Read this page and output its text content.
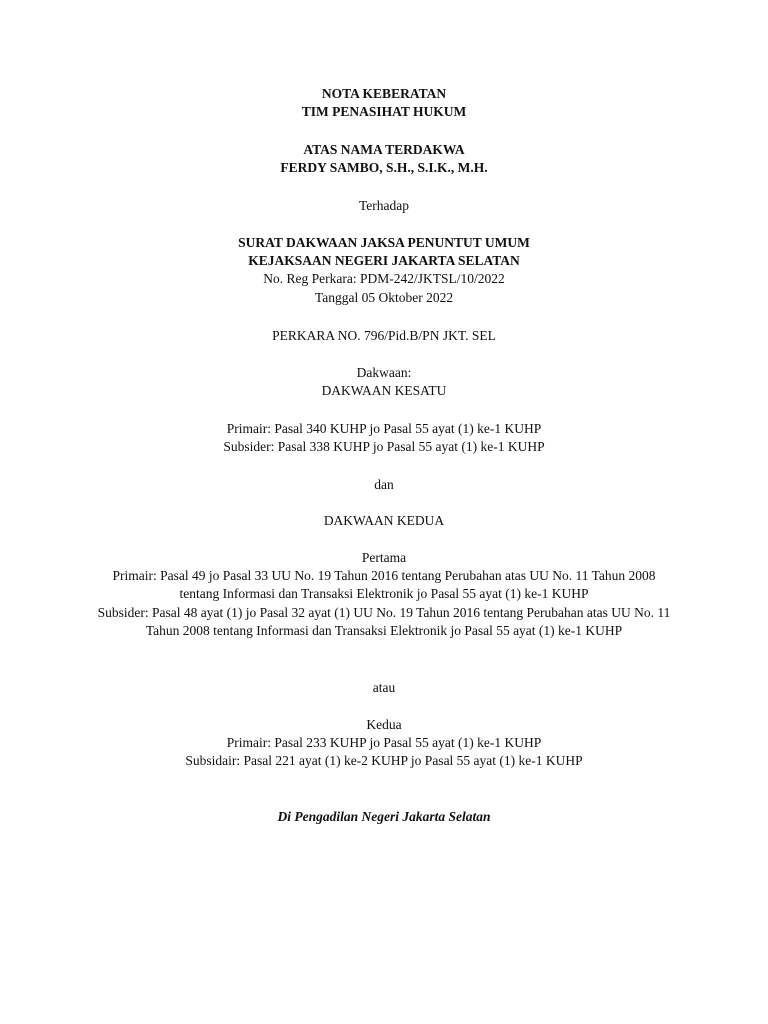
NOTA KEBERATAN
TIM PENASIHAT HUKUM
ATAS NAMA TERDAKWA
FERDY SAMBO, S.H., S.I.K., M.H.
Terhadap
SURAT DAKWAAN JAKSA PENUNTUT UMUM
KEJAKSAAN NEGERI JAKARTA SELATAN
No. Reg Perkara: PDM-242/JKTSL/10/2022
Tanggal 05 Oktober 2022
PERKARA NO. 796/Pid.B/PN JKT. SEL
Dakwaan:
DAKWAAN KESATU
Primair: Pasal 340 KUHP jo Pasal 55 ayat (1) ke-1 KUHP
Subsider: Pasal 338 KUHP jo Pasal 55 ayat (1) ke-1 KUHP
dan
DAKWAAN KEDUA
Pertama
Primair: Pasal 49 jo Pasal 33 UU No. 19 Tahun 2016 tentang Perubahan atas UU No. 11 Tahun 2008 tentang Informasi dan Transaksi Elektronik jo Pasal 55 ayat (1) ke-1 KUHP
Subsider: Pasal 48 ayat (1) jo Pasal 32 ayat (1) UU No. 19 Tahun 2016 tentang Perubahan atas UU No. 11 Tahun 2008 tentang Informasi dan Transaksi Elektronik jo Pasal 55 ayat (1) ke-1 KUHP
atau
Kedua
Primair: Pasal 233 KUHP jo Pasal 55 ayat (1) ke-1 KUHP
Subsidair: Pasal 221 ayat (1) ke-2 KUHP jo Pasal 55 ayat (1) ke-1 KUHP
Di Pengadilan Negeri Jakarta Selatan
